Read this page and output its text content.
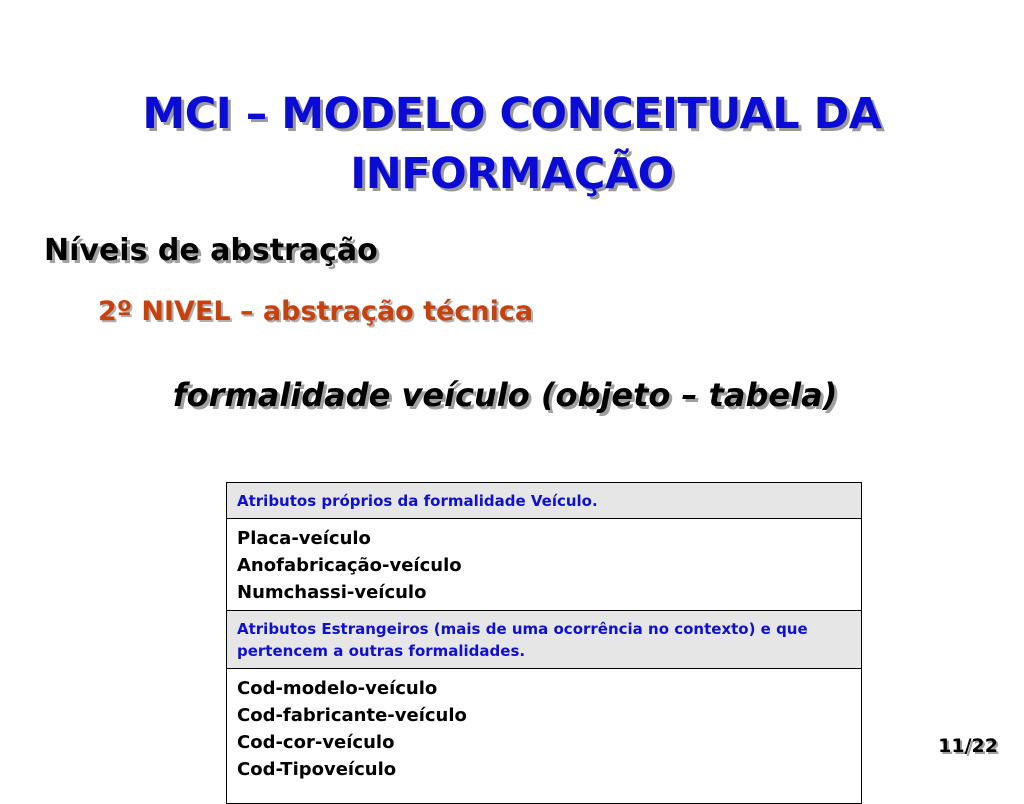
MCI – MODELO CONCEITUAL DA
INFORMAÇÃO
Níveis de abstração
2º NIVEL – abstração técnica
formalidade veículo (objeto – tabela)
Atributos próprios da formalidade Veículo.
Placa-veículo
Anofabricação-veículo
Numchassi-veículo
Atributos Estrangeiros (mais de uma ocorrência no contexto) e que pertencem a outras formalidades.
Cod-modelo-veículo
Cod-fabricante-veículo
Cod-cor-veículo
Cod-Tipoveículo
11/22
